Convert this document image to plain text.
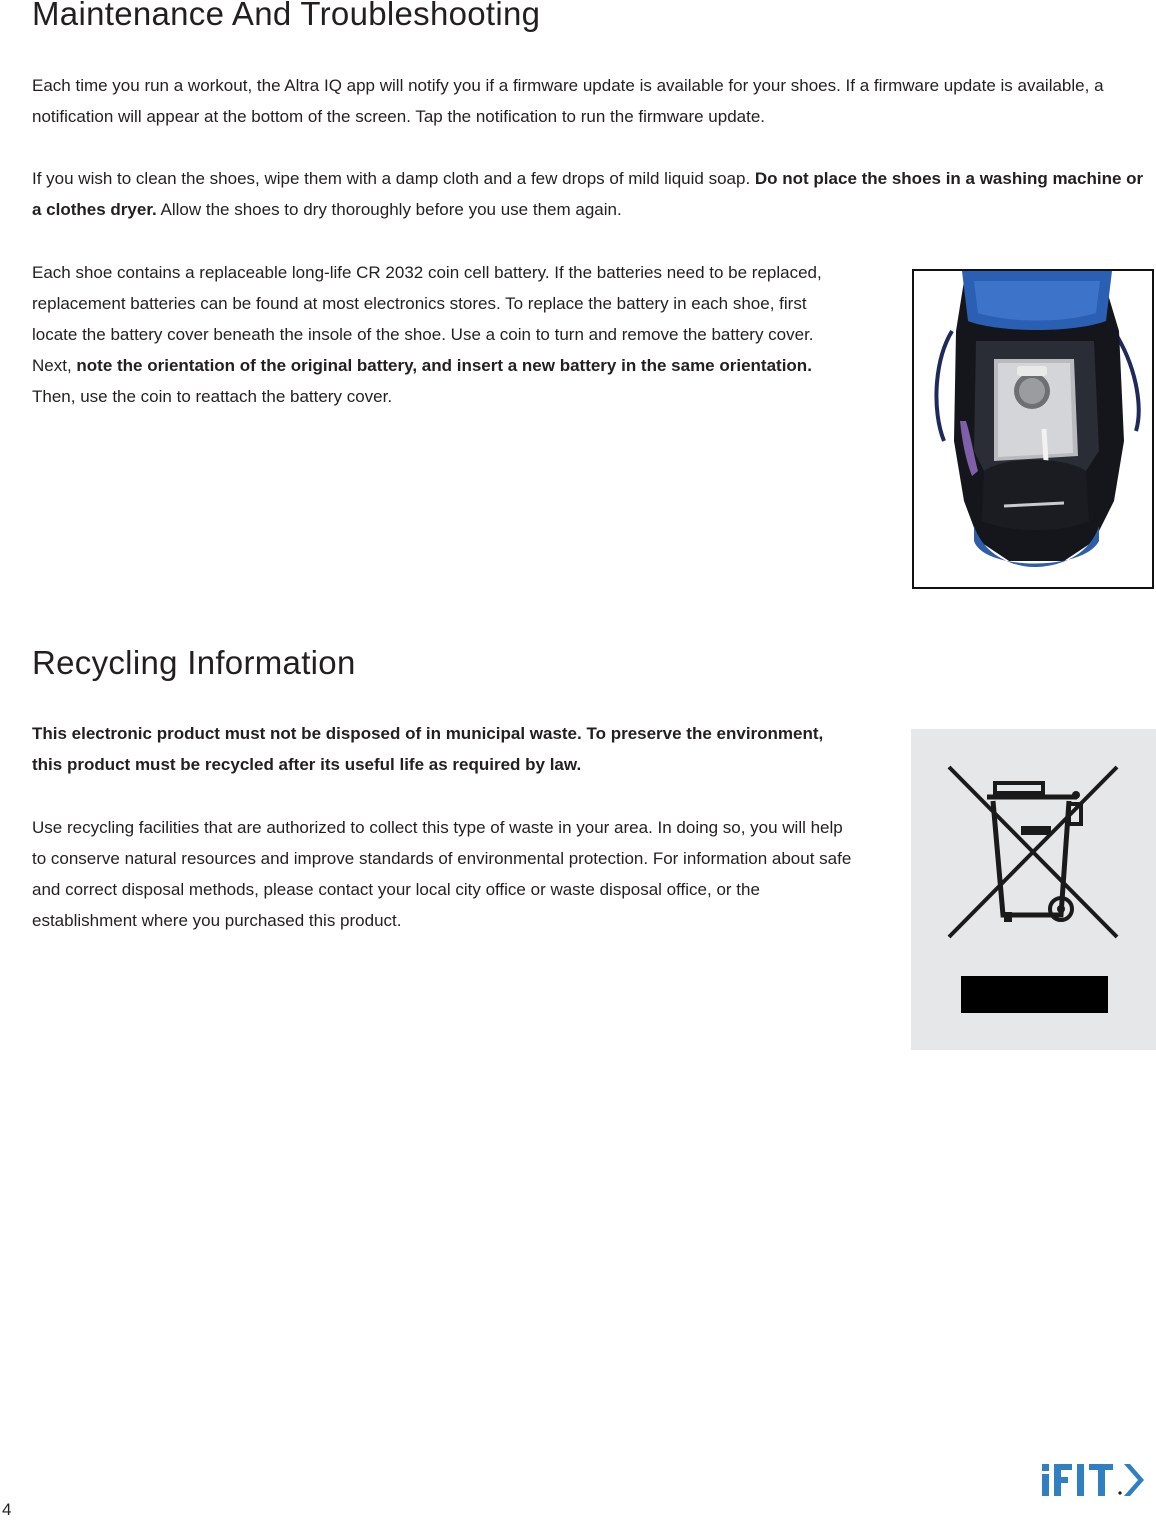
Maintenance And Troubleshooting

Each time you run a workout, the Altra IQ app will notify you if a firmware update is available for your shoes. If a firmware update is available, a notification will appear at the bottom of the screen. Tap the notification to run the firmware update.

If you wish to clean the shoes, wipe them with a damp cloth and a few drops of mild liquid soap. Do not place the shoes in a washing machine or a clothes dryer. Allow the shoes to dry thoroughly before you use them again.

Each shoe contains a replaceable long-life CR 2032 coin cell battery. If the batteries need to be replaced, replacement batteries can be found at most electronics stores. To replace the battery in each shoe, first locate the battery cover beneath the insole of the shoe. Use a coin to turn and remove the battery cover. Next, note the orientation of the original battery, and insert a new battery in the same orientation. Then, use the coin to reattach the battery cover.

Recycling Information

This electronic product must not be disposed of in municipal waste. To preserve the environment, this product must be recycled after its useful life as required by law.

Use recycling facilities that are authorized to collect this type of waste in your area. In doing so, you will help to conserve natural resources and improve standards of environmental protection. For information about safe and correct disposal methods, please contact your local city office or waste disposal office, or the establishment where you purchased this product.

4
